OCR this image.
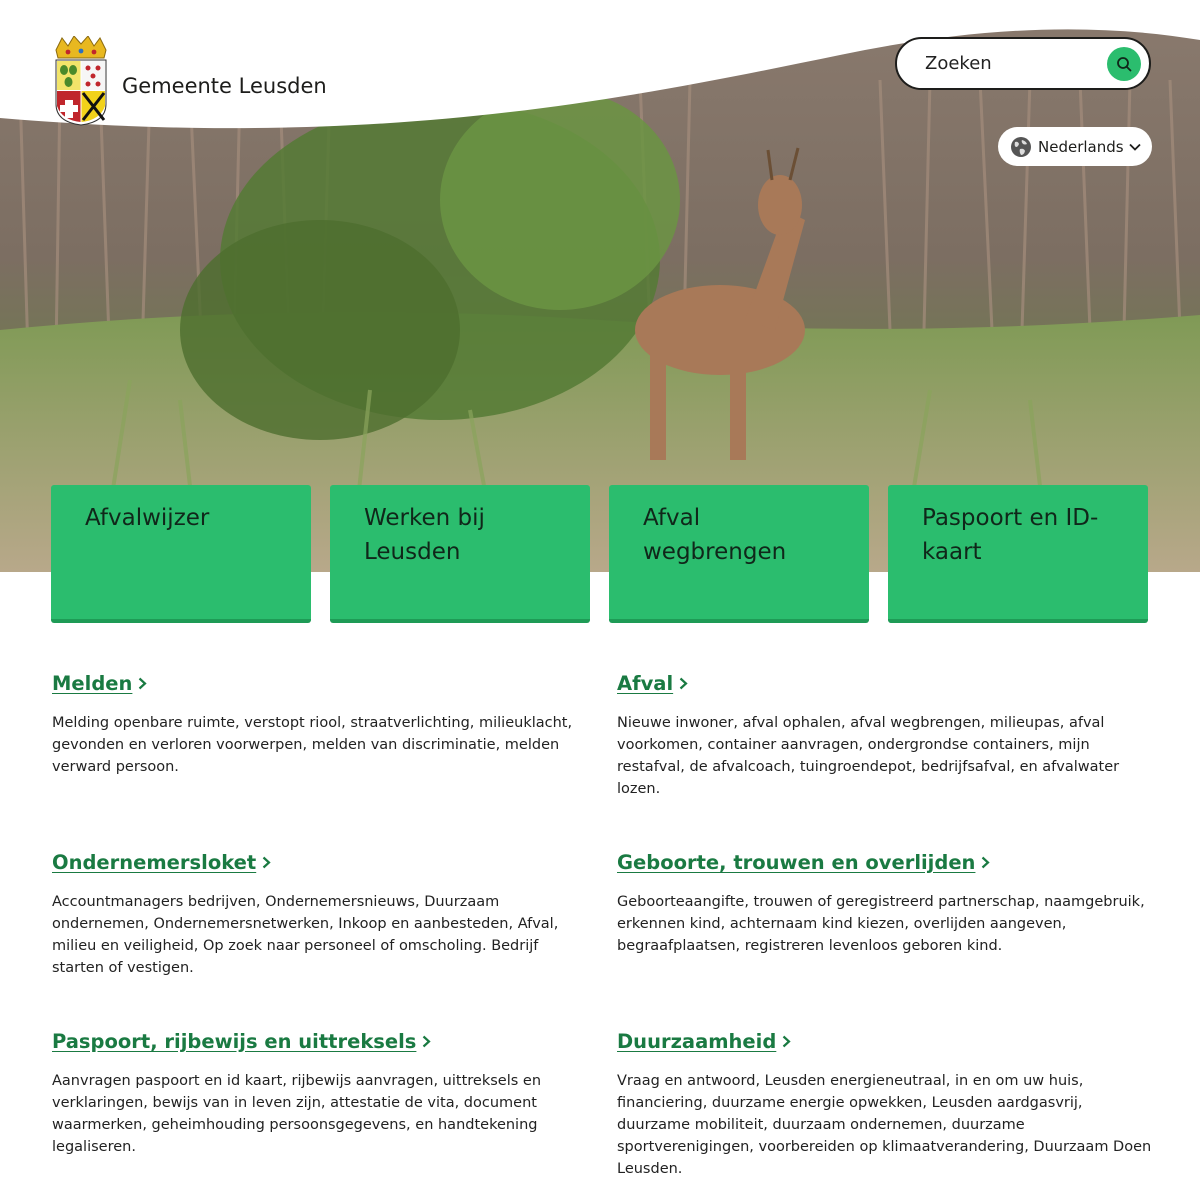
Gemeente Leusden
Zoeken
Nederlands
Afvalwijzer	Werken bij Leusden
Afval wegbrengen
Paspoort en ID-kaart
Melden

Melding openbare ruimte, verstopt riool, straatverlichting, milieuklacht, gevonden en verloren voorwerpen, melden van discriminatie, melden verward persoon.

Afval

Nieuwe inwoner, afval ophalen, afval wegbrengen, milieupas, afval voorkomen, container aanvragen, ondergrondse containers, mijn restafval, de afvalcoach, tuingroendepot, bedrijfsafval, en afvalwater lozen.

Ondernemersloket

Accountmanagers bedrijven, Ondernemersnieuws, Duurzaam ondernemen, Ondernemersnetwerken, Inkoop en aanbesteden, Afval, milieu en veiligheid, Op zoek naar personeel of omscholing. Bedrijf starten of vestigen.

Geboorte, trouwen en overlijden

Geboorteaangifte, trouwen of geregistreerd partnerschap, naamgebruik, erkennen kind, achternaam kind kiezen, overlijden aangeven, begraafplaatsen, registreren levenloos geboren kind.

Paspoort, rijbewijs en uittreksels

Aanvragen paspoort en id kaart, rijbewijs aanvragen, uittreksels en verklaringen, bewijs van in leven zijn, attestatie de vita, document waarmerken, geheimhouding persoonsgegevens, en handtekening legaliseren.

Duurzaamheid

Vraag en antwoord, Leusden energieneutraal, in en om uw huis, financiering, duurzame energie opwekken, Leusden aardgasvrij, duurzame mobiliteit, duurzaam ondernemen, duurzame sportverenigingen, voorbereiden op klimaatverandering, Duurzaam Doen Leusden.
